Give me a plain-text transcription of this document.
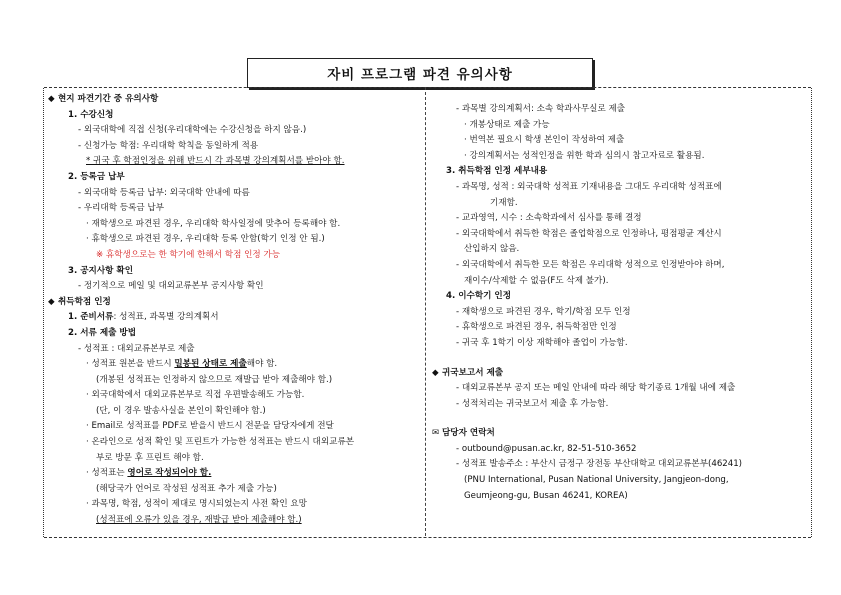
자비 프로그램 파견 유의사항
◆ 현지 파견기간 중 유의사항
1. 수강신청
- 외국대학에 직접 신청(우리대학에는 수강신청을 하지 않음.)
- 신청가능 학점: 우리대학 학칙을 동일하게 적용
* 귀국 후 학점인정을 위해 반드시 각 과목별 강의계획서를 받아야 함.
2. 등록금 납부
- 외국대학 등록금 납부: 외국대학 안내에 따름
- 우리대학 등록금 납부
· 재학생으로 파견된 경우, 우리대학 학사일정에 맞추어 등록해야 함.
· 휴학생으로 파견된 경우, 우리대학 등록 안함(학기 인정 안 됨.)
※ 휴학생으로는 한 학기에 한해서 학점 인정 가능
3. 공지사항 확인
- 정기적으로 메일 및 대외교류본부 공지사항 확인
◆ 취득학점 인정
1. 준비서류: 성적표, 과목별 강의계획서
2. 서류 제출 방법
- 성적표 : 대외교류본부로 제출
· 성적표 원본을 반드시 밀봉된 상태로 제출해야 함.
(개봉된 성적표는 인정하지 않으므로 재발급 받아 제출해야 함.)
· 외국대학에서 대외교류본부로 직접 우편발송해도 가능함.
(단, 이 경우 발송사실을 본인이 확인해야 함.)
· Email로 성적표를 PDF로 받을시 반드시 전문을 담당자에게 전달
· 온라인으로 성적 확인 및 프린트가 가능한 성적표는 반드시 대외교류본
부로 방문 후 프린트 해야 함.
· 성적표는 영어로 작성되어야 함.
(해당국가 언어로 작성된 성적표 추가 제출 가능)
· 과목명, 학점, 성적이 제대로 명시되었는지 사전 확인 요망
(성적표에 오류가 있을 경우, 재발급 받아 제출해야 함.)
- 과목별 강의계획서: 소속 학과사무실로 제출
· 개봉상태로 제출 가능
· 번역본 필요시 학생 본인이 작성하여 제출
· 강의계획서는 성적인정을 위한 학과 심의시 참고자료로 활용됨.
3. 취득학점 인정 세부내용
- 과목명, 성적 : 외국대학 성적표 기재내용을 그대도 우리대학 성적표에
기재함.
- 교과영역, 시수 : 소속학과에서 심사를 통해 결정
- 외국대학에서 취득한 학점은 졸업학점으로 인정하나, 평점평균 계산시
산입하지 않음.
- 외국대학에서 취득한 모든 학점은 우리대학 성적으로 인정받아야 하며,
재이수/삭제할 수 없음(F도 삭제 불가).
4. 이수학기 인정
- 재학생으로 파견된 경우, 학기/학점 모두 인정
- 휴학생으로 파견된 경우, 취득학점만 인정
- 귀국 후 1학기 이상 재학해야 졸업이 가능함.
◆ 귀국보고서 제출
- 대외교류본부 공지 또는 메일 안내에 따라 해당 학기종료 1개월 내에 제출
- 성적처리는 귀국보고서 제출 후 가능함.
✉ 담당자 연락처
- outbound@pusan.ac.kr, 82-51-510-3652
- 성적표 발송주소 : 부산시 금정구 장전동 부산대학교 대외교류본부(46241)
(PNU International, Pusan National University, Jangjeon-dong,
Geumjeong-gu, Busan 46241, KOREA)
